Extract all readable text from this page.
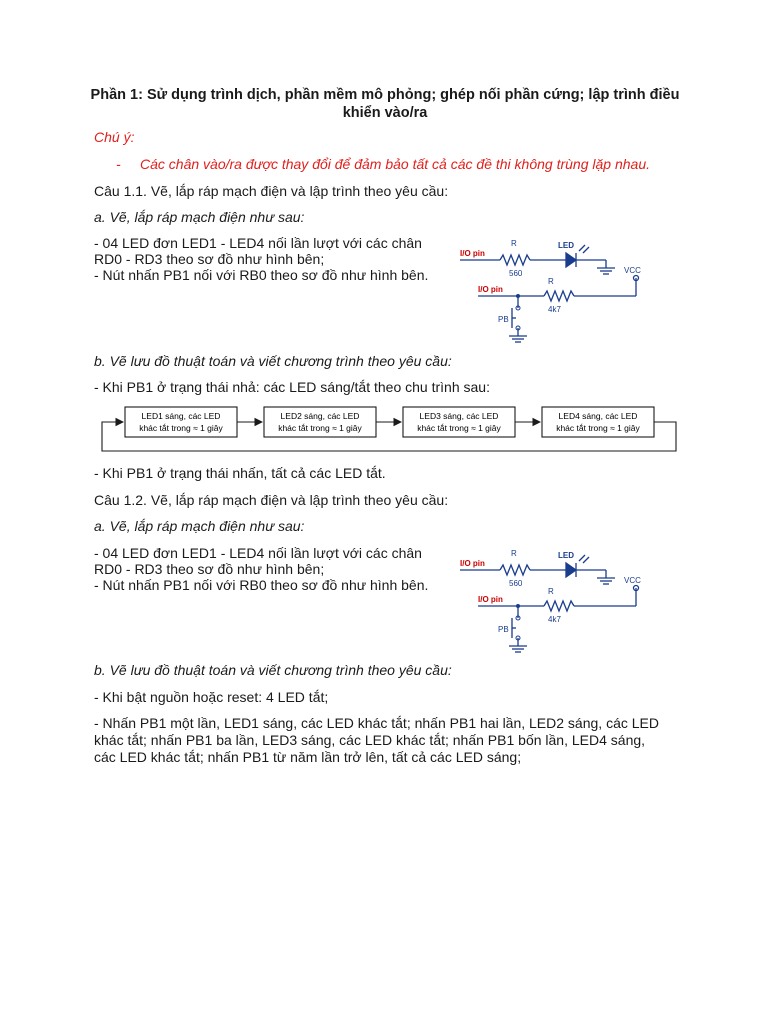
Phần 1: Sử dụng trình dịch, phần mềm mô phỏng; ghép nối phần cứng; lập trình điều khiển vào/ra
Chú ý:
- Các chân vào/ra được thay đổi để đảm bảo tất cả các đề thi không trùng lặp nhau.
Câu 1.1. Vẽ, lắp ráp mạch điện và lập trình theo yêu cầu:
a. Vẽ, lắp ráp mạch điện như sau:
- 04 LED đơn LED1 - LED4 nối lần lượt với các chân
RD0 - RD3 theo sơ đồ như hình bên;
- Nút nhấn PB1 nối với RB0 theo sơ đồ như hình bên.
I/O pin
R
560
LED
I/O pin
R
4k7
VCC
PB
b. Vẽ lưu đồ thuật toán và viết chương trình theo yêu cầu:
- Khi PB1 ở trạng thái nhả: các LED sáng/tắt theo chu trình sau:
LED1 sáng, các LED
khác tắt trong ≈ 1 giây
LED2 sáng, các LED
khác tắt trong ≈ 1 giây
LED3 sáng, các LED
khác tắt trong ≈ 1 giây
LED4 sáng, các LED
khác tắt trong ≈ 1 giây
- Khi PB1 ở trạng thái nhấn, tất cả các LED tắt.
Câu 1.2. Vẽ, lắp ráp mạch điện và lập trình theo yêu cầu:
a. Vẽ, lắp ráp mạch điện như sau:
- 04 LED đơn LED1 - LED4 nối lần lượt với các chân
RD0 - RD3 theo sơ đồ như hình bên;
- Nút nhấn PB1 nối với RB0 theo sơ đồ như hình bên.
I/O pin
R
560
LED
I/O pin
R
4k7
VCC
PB
b. Vẽ lưu đồ thuật toán và viết chương trình theo yêu cầu:
- Khi bật nguồn hoặc reset: 4 LED tắt;
- Nhấn PB1 một lần, LED1 sáng, các LED khác tắt; nhấn PB1 hai lần, LED2 sáng, các LED
khác tắt; nhấn PB1 ba lần, LED3 sáng, các LED khác tắt; nhấn PB1 bốn lần, LED4 sáng,
các LED khác tắt; nhấn PB1 từ năm lần trở lên, tất cả các LED sáng;
